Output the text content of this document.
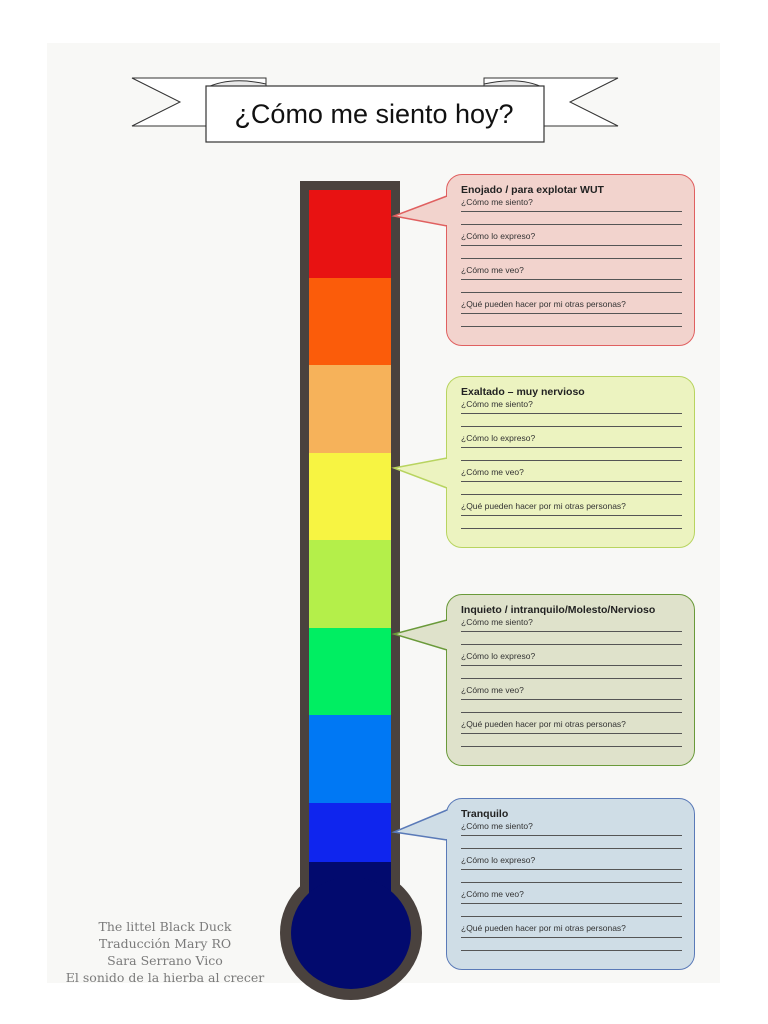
¿Cómo me siento hoy?
Enojado / para explotar WUT
¿Cómo me siento?
¿Cómo lo expreso?
¿Cómo me veo?
¿Qué pueden hacer por mi otras personas?
Exaltado – muy nervioso
¿Cómo me siento?
¿Cómo lo expreso?
¿Cómo me veo?
¿Qué pueden hacer por mi otras personas?
Inquieto / intranquilo/Molesto/Nervioso
¿Cómo me siento?
¿Cómo lo expreso?
¿Cómo me veo?
¿Qué pueden hacer por mi otras personas?
Tranquilo
¿Cómo me siento?
¿Cómo lo expreso?
¿Cómo me veo?
¿Qué pueden hacer por mi otras personas?
The littel Black Duck
Traducción Mary RO
Sara Serrano Vico
El sonido de la hierba al crecer
